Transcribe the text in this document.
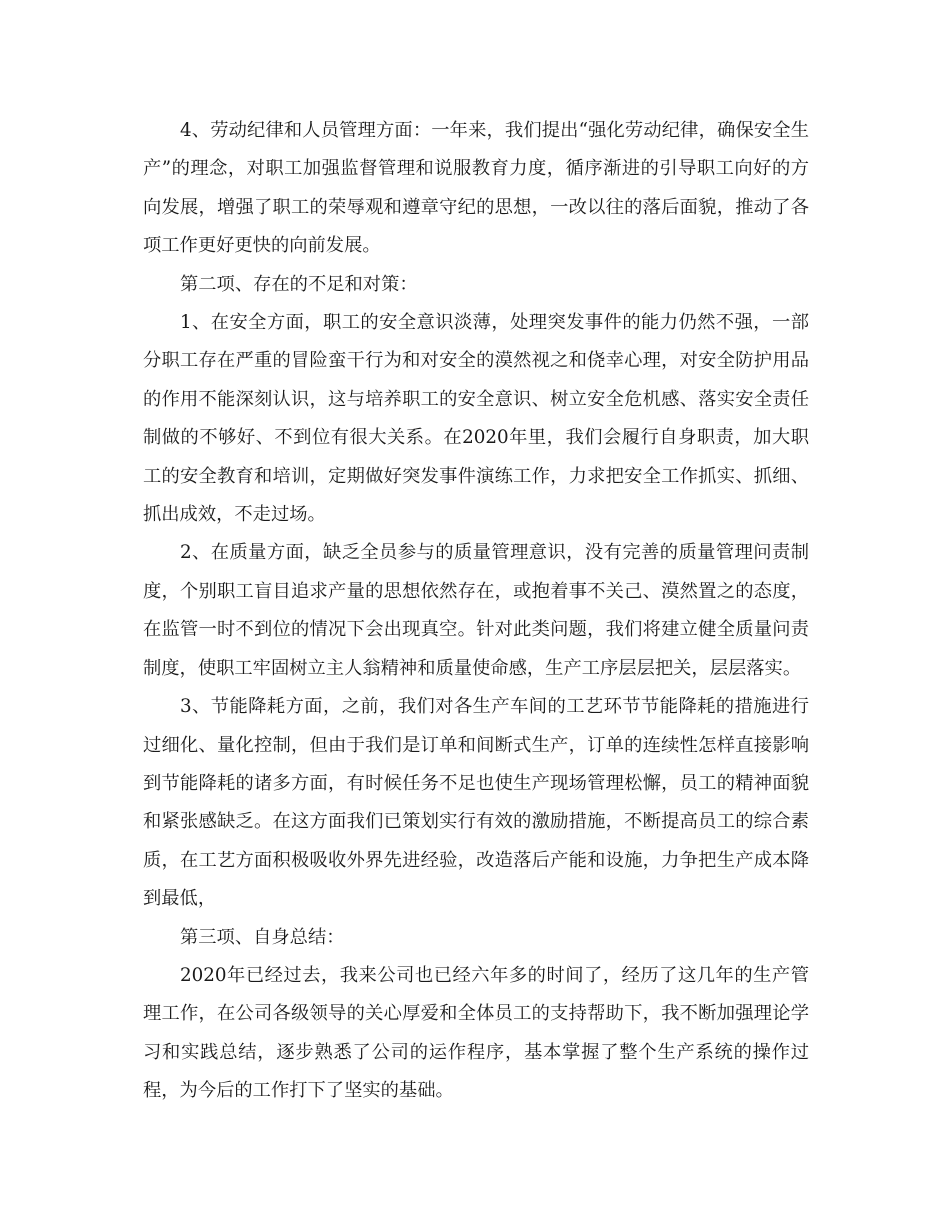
4、劳动纪律和人员管理方面：一年来，我们提出“强化劳动纪律，确保安全生产”的理念，对职工加强监督管理和说服教育力度，循序渐进的引导职工向好的方向发展，增强了职工的荣辱观和遵章守纪的思想，一改以往的落后面貌，推动了各项工作更好更快的向前发展。

第二项、存在的不足和对策：

1、在安全方面，职工的安全意识淡薄，处理突发事件的能力仍然不强，一部分职工存在严重的冒险蛮干行为和对安全的漠然视之和侥幸心理，对安全防护用品的作用不能深刻认识，这与培养职工的安全意识、树立安全危机感、落实安全责任制做的不够好、不到位有很大关系。在2020年里，我们会履行自身职责，加大职工的安全教育和培训，定期做好突发事件演练工作，力求把安全工作抓实、抓细、抓出成效，不走过场。

2、在质量方面，缺乏全员参与的质量管理意识，没有完善的质量管理问责制度，个别职工盲目追求产量的思想依然存在，或抱着事不关己、漠然置之的态度，在监管一时不到位的情况下会出现真空。针对此类问题，我们将建立健全质量问责制度，使职工牢固树立主人翁精神和质量使命感，生产工序层层把关，层层落实。

3、节能降耗方面，之前，我们对各生产车间的工艺环节节能降耗的措施进行过细化、量化控制，但由于我们是订单和间断式生产，订单的连续性怎样直接影响到节能降耗的诸多方面，有时候任务不足也使生产现场管理松懈，员工的精神面貌和紧张感缺乏。在这方面我们已策划实行有效的激励措施，不断提高员工的综合素质，在工艺方面积极吸收外界先进经验，改造落后产能和设施，力争把生产成本降到最低，

第三项、自身总结：

2020年已经过去，我来公司也已经六年多的时间了，经历了这几年的生产管理工作，在公司各级领导的关心厚爱和全体员工的支持帮助下，我不断加强理论学习和实践总结，逐步熟悉了公司的运作程序，基本掌握了整个生产系统的操作过程，为今后的工作打下了坚实的基础。
